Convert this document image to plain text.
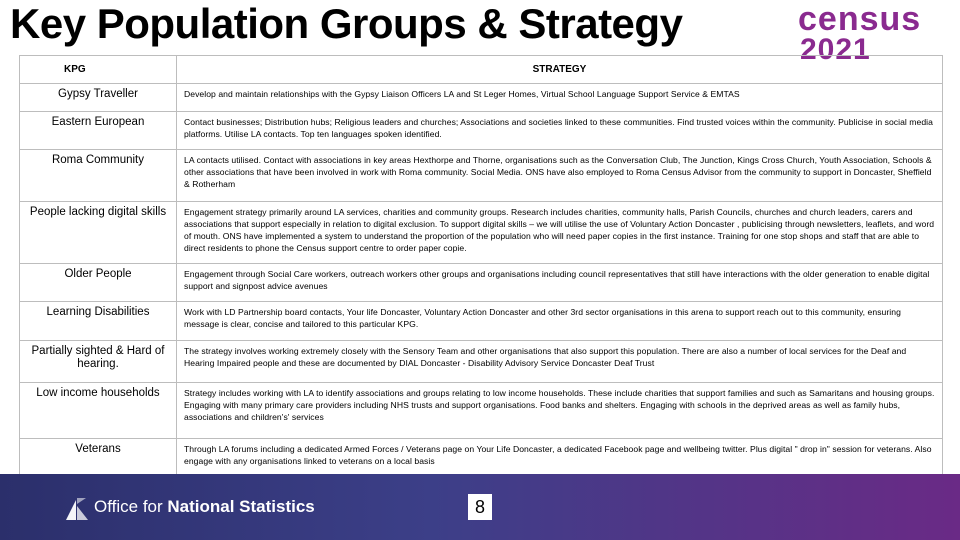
Key Population Groups & Strategy	census
2021
KPG	STRATEGY
Gypsy Traveller	Develop and maintain relationships with the Gypsy Liaison Officers LA and St Leger Homes, Virtual School Language Support Service & EMTAS
Eastern European	Contact businesses; Distribution hubs; Religious leaders and churches; Associations and societies linked to these communities. Find trusted voices within the community. Publicise in social media platforms. Utilise LA contacts. Top ten languages spoken identified.
Roma Community	LA contacts utilised. Contact with associations in key areas Hexthorpe and Thorne, organisations such as the Conversation Club, The Junction, Kings Cross Church, Youth Association, Schools & other associations that have been involved in work with Roma community. Social Media. ONS have also employed to Roma Census Advisor from the community to support in Doncaster, Sheffield & Rotherham
People lacking digital skills	Engagement strategy primarily around LA services, charities and community groups. Research includes charities, community halls, Parish Councils, churches and church leaders, carers and associations that support especially in relation to digital exclusion. To support digital skills – we will utilise the use of Voluntary Action Doncaster , publicising through newsletters, leaflets, and word of mouth. ONS have implemented a system to understand the proportion of the population who will need paper copies in the first instance. Training for one stop shops and staff that are able to direct residents to phone the Census support centre to order paper copie.
Older People	Engagement through Social Care workers, outreach workers other groups and organisations including council representatives that still have interactions with the older generation to enable digital support and signpost advice avenues
Learning Disabilities	Work with LD Partnership board contacts, Your life Doncaster, Voluntary Action Doncaster and other 3rd sector organisations in this arena to support reach out to this community, ensuring message is clear, concise and tailored to this particular KPG.
Partially sighted & Hard of hearing.	The strategy involves working extremely closely with the Sensory Team and other organisations that also support this population. There are also a number of local services for the Deaf and Hearing Impaired people and these are documented by DIAL Doncaster - Disability Advisory Service Doncaster Deaf Trust
Low income households	Strategy includes working with LA to identify associations and groups relating to low income households. These include charities that support families and such as Samaritans and housing groups. Engaging with many primary care providers including NHS trusts and support organisations. Food banks and shelters. Engaging with schools in the deprived areas as well as family hubs, associations and children's' services
Veterans	Through LA forums including a dedicated Armed Forces / Veterans page on Your Life Doncaster, a dedicated Facebook page and wellbeing twitter. Plus digital " drop in" session for veterans. Also engage with any organisations linked to veterans on a local basis
Office for National Statistics	8
